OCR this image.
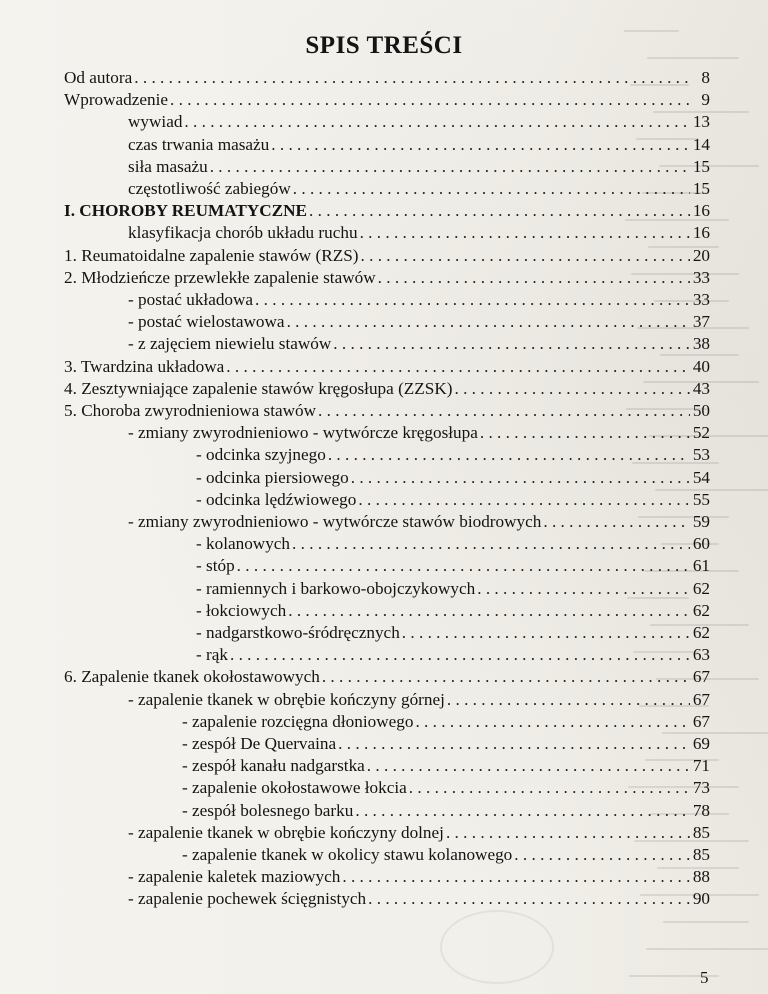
SPIS TREŚCI
Od autora . . .	8
Wprowadzenie . . .	9
wywiad . . .	13
czas trwania masażu . . .	14
siła masażu . . .	15
częstotliwość zabiegów . . .	15
I. CHOROBY REUMATYCZNE . . .	16
klasyfikacja chorób układu ruchu . . .	16
1. Reumatoidalne zapalenie stawów (RZS) . . .	20
2. Młodzieńcze przewlekłe zapalenie stawów . . .	33
- postać układowa . . .	33
- postać wielostawowa . . .	37
- z zajęciem niewielu stawów . . .	38
3. Twardzina układowa . . .	40
4. Zesztywniające zapalenie stawów kręgosłupa (ZZSK) . . .	43
5. Choroba zwyrodnieniowa stawów . . .	50
- zmiany zwyrodnieniowo - wytwórcze kręgosłupa . . .	52
- odcinka szyjnego . . .	53
- odcinka piersiowego . . .	54
- odcinka lędźwiowego . . .	55
- zmiany zwyrodnieniowo - wytwórcze stawów biodrowych . . .	59
- kolanowych . . .	60
- stóp . . .	61
- ramiennych i barkowo-obojczykowych . . .	62
- łokciowych . . .	62
- nadgarstkowo-śródręcznych . . .	62
- rąk . . .	63
6. Zapalenie tkanek okołostawowych . . .	67
- zapalenie tkanek w obrębie kończyny górnej . . .	67
- zapalenie rozcięgna dłoniowego . . .	67
- zespół De Quervaina . . .	69
- zespół kanału nadgarstka . . .	71
- zapalenie okołostawowe łokcia . . .	73
- zespół bolesnego barku . . .	78
- zapalenie tkanek w obrębie kończyny dolnej . . .	85
- zapalenie tkanek w okolicy stawu kolanowego . . .	85
- zapalenie kaletek maziowych . . .	88
- zapalenie pochewek ścięgnistych . . .	90
5
